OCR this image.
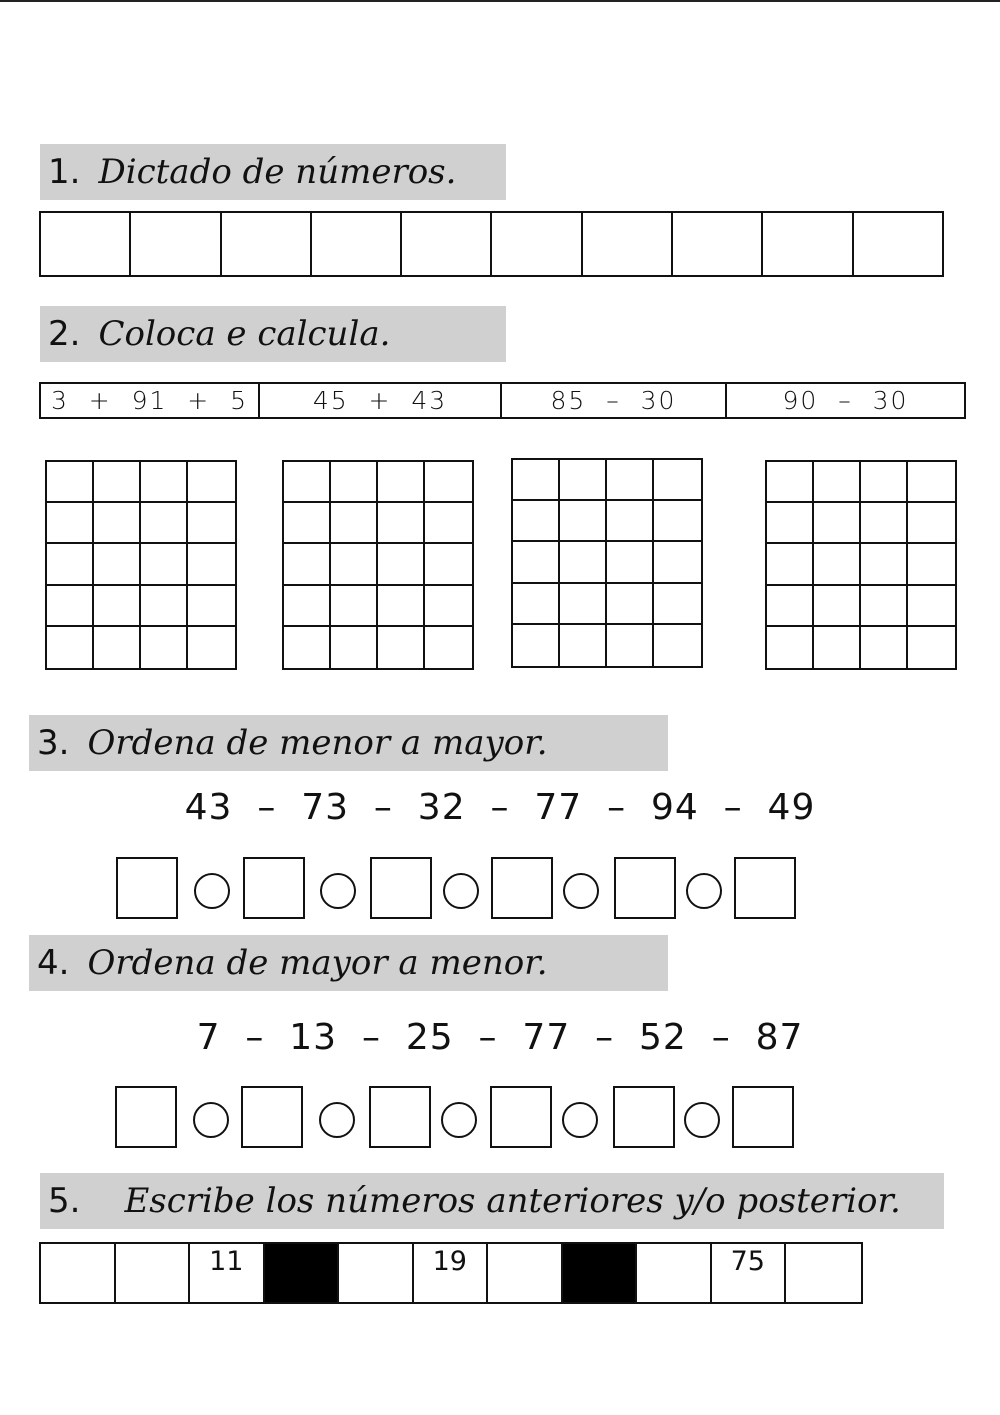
1. Dictado de números.
2. Coloca e calcula.
3  +  91  +  5	45  +  43	85  –  30	90  –  30
3. Ordena de menor a mayor.
43  –  73  –  32  –  77  –  94  –  49
4. Ordena de mayor a menor.
7  –  13  –  25  –  77  –  52  –  87
5. Escribe los números anteriores y/o posterior.
11	19	75
